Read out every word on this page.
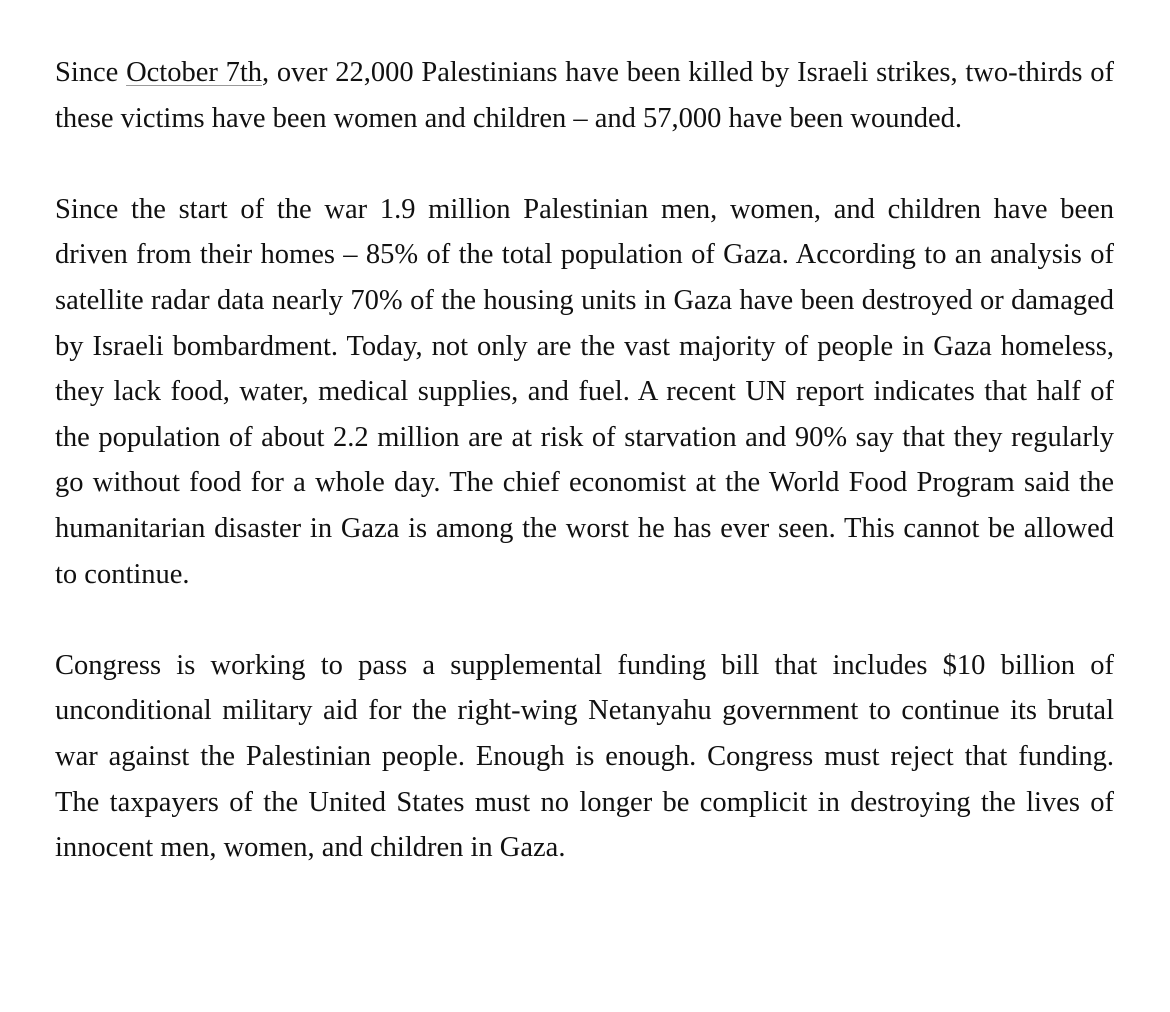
Since October 7th, over 22,000 Palestinians have been killed by Israeli strikes, two-thirds of these victims have been women and children – and 57,000 have been wounded.

Since the start of the war 1.9 million Palestinian men, women, and children have been driven from their homes – 85% of the total population of Gaza. According to an analysis of satellite radar data nearly 70% of the housing units in Gaza have been destroyed or damaged by Israeli bombardment. Today, not only are the vast majority of people in Gaza homeless, they lack food, water, medical supplies, and fuel. A recent UN report indicates that half of the population of about 2.2 million are at risk of starvation and 90% say that they regularly go without food for a whole day. The chief economist at the World Food Program said the humanitarian disaster in Gaza is among the worst he has ever seen. This cannot be allowed to continue.

Congress is working to pass a supplemental funding bill that includes $10 billion of unconditional military aid for the right-wing Netanyahu government to continue its brutal war against the Palestinian people. Enough is enough. Congress must reject that funding. The taxpayers of the United States must no longer be complicit in destroying the lives of innocent men, women, and children in Gaza.
